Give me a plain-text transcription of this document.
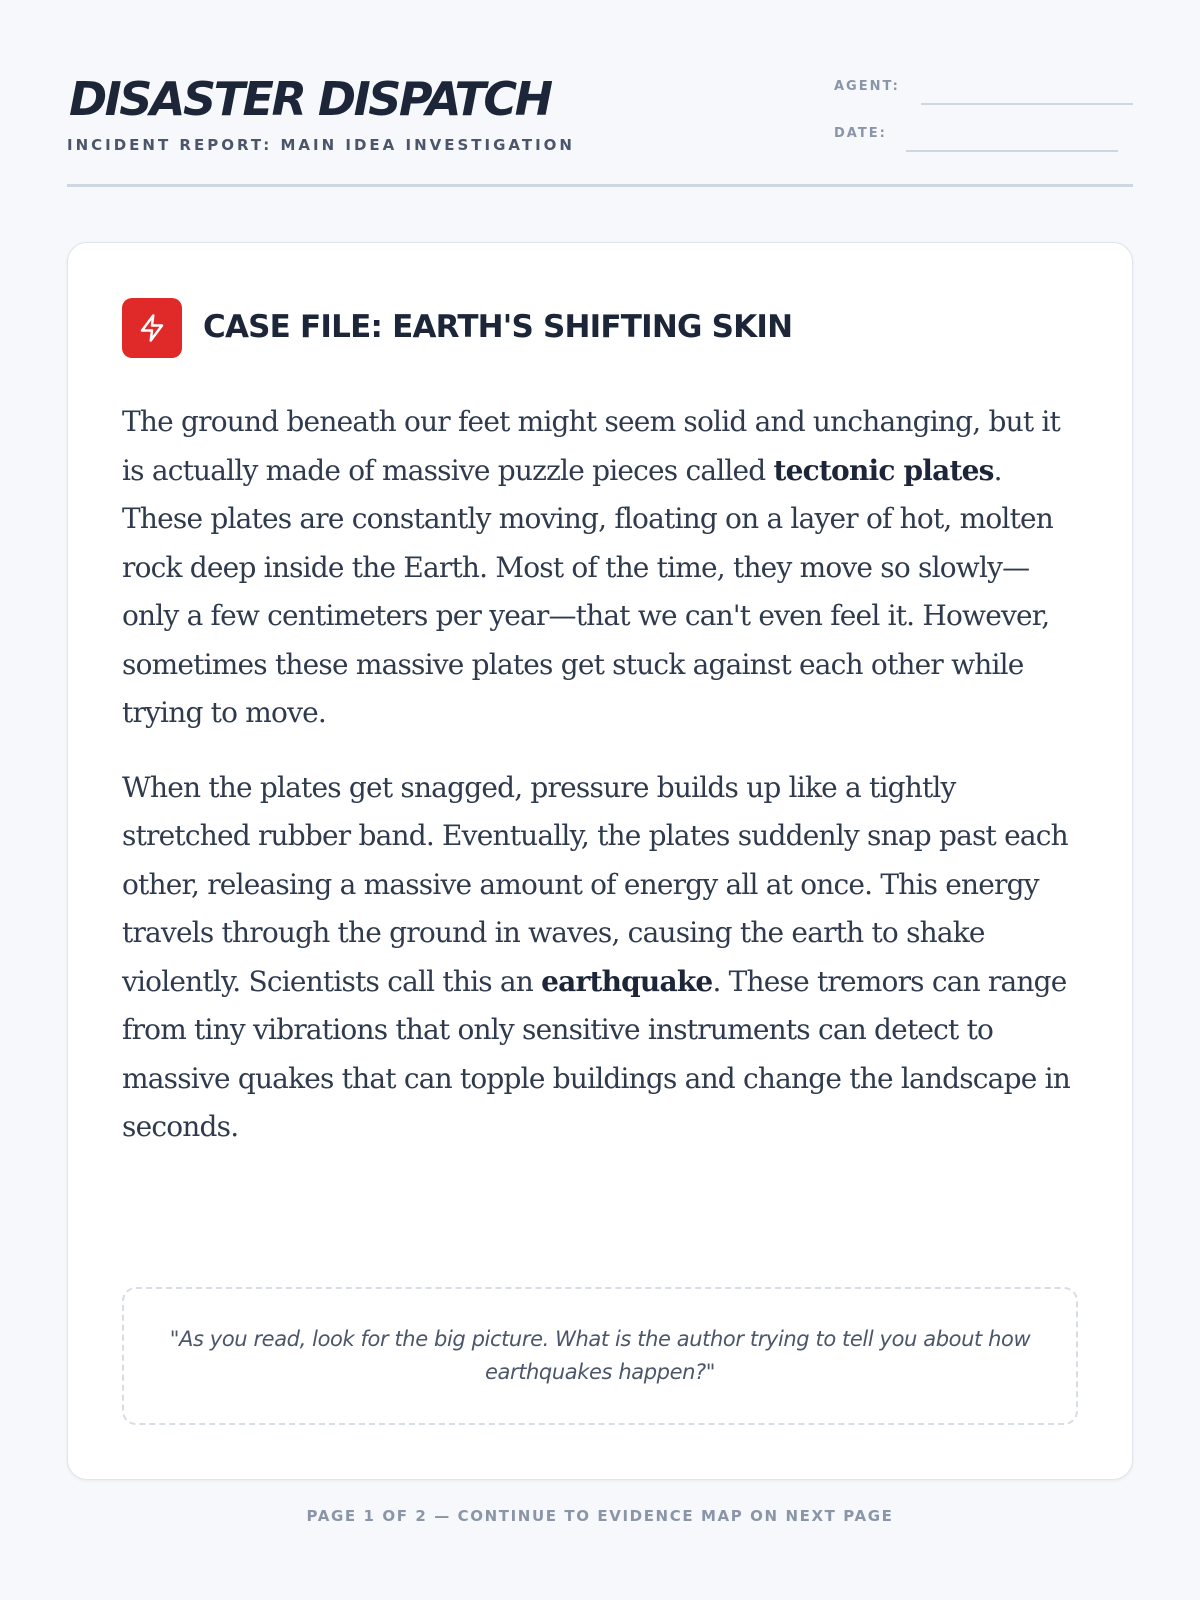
DISASTER DISPATCH
INCIDENT REPORT: MAIN IDEA INVESTIGATION
AGENT:
DATE:
CASE FILE: EARTH'S SHIFTING SKIN

The ground beneath our feet might seem solid and unchanging, but it is actually made of massive puzzle pieces called tectonic plates. These plates are constantly moving, floating on a layer of hot, molten rock deep inside the Earth. Most of the time, they move so slowly—only a few centimeters per year—that we can't even feel it. However, sometimes these massive plates get stuck against each other while trying to move.

When the plates get snagged, pressure builds up like a tightly stretched rubber band. Eventually, the plates suddenly snap past each other, releasing a massive amount of energy all at once. This energy travels through the ground in waves, causing the earth to shake violently. Scientists call this an earthquake. These tremors can range from tiny vibrations that only sensitive instruments can detect to massive quakes that can topple buildings and change the landscape in seconds.

"As you read, look for the big picture. What is the author trying to tell you about how earthquakes happen?"
PAGE 1 OF 2 — CONTINUE TO EVIDENCE MAP ON NEXT PAGE
